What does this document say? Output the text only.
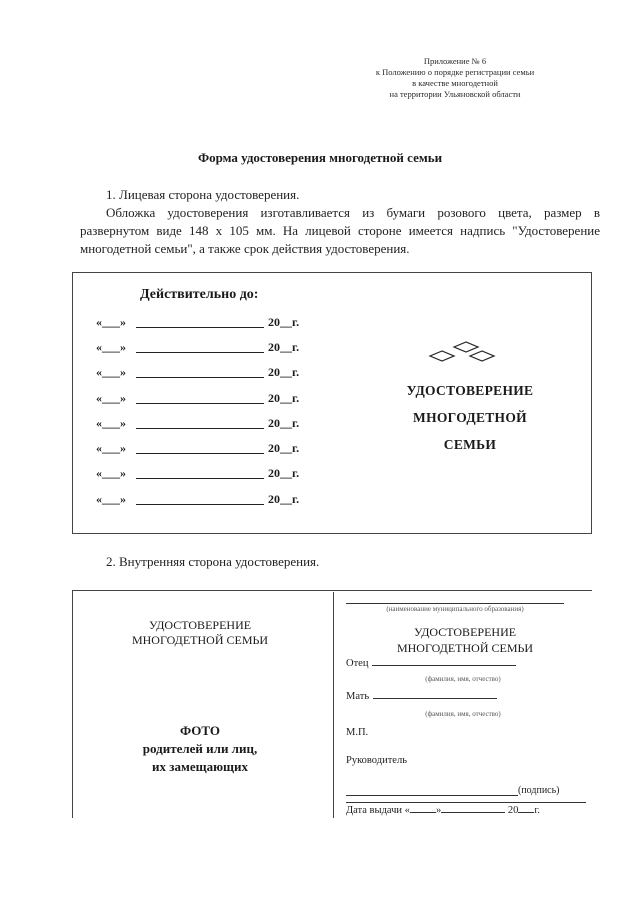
Приложение № 6
к Положению о порядке регистрации семьи
в качестве многодетной
на территории Ульяновской области
Форма удостоверения многодетной семьи
1. Лицевая сторона удостоверения.
Обложка удостоверения изготавливается из бумаги розового цвета, размер в развернутом виде 148 х 105 мм. На лицевой стороне имеется надпись "Удостоверение многодетной семьи", а также срок действия удостоверения.
Действительно до:
«___»	20__г.
«___»	20__г.
«___»	20__г.
«___»	20__г.
«___»	20__г.
«___»	20__г.
«___»	20__г.
«___»	20__г.
УДОСТОВЕРЕНИЕ
МНОГОДЕТНОЙ
СЕМЬИ
2. Внутренняя сторона удостоверения.
УДОСТОВЕРЕНИЕ
МНОГОДЕТНОЙ СЕМЬИ
ФОТО
родителей или лиц,
их замещающих
(наименование муниципального образования)
УДОСТОВЕРЕНИЕ
МНОГОДЕТНОЙ СЕМЬИ
Отец
(фамилия, имя, отчество)
Мать
(фамилия, имя, отчество)
М.П.
Руководитель
(подпись)
Дата выдачи « »	20 г.
